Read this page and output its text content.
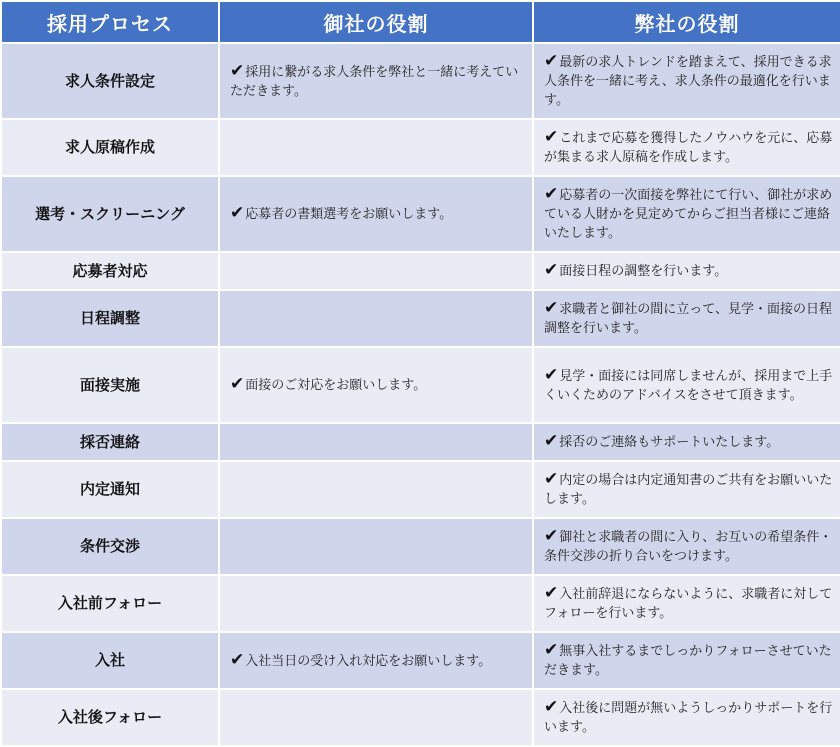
採用プロセス	御社の役割	弊社の役割
求人条件設定	✔採用に繋がる求人条件を弊社と一緒に考えていただきます。	✔最新の求人トレンドを踏まえて、採用できる求人条件を一緒に考え、求人条件の最適化を行います。
求人原稿作成		✔これまで応募を獲得したノウハウを元に、応募が集まる求人原稿を作成します。
選考・スクリーニング	✔応募者の書類選考をお願いします。	✔応募者の一次面接を弊社にて行い、御社が求めている人財かを見定めてからご担当者様にご連絡いたします。
応募者対応		✔面接日程の調整を行います。
日程調整		✔求職者と御社の間に立って、見学・面接の日程調整を行います。
面接実施	✔面接のご対応をお願いします。	✔見学・面接には同席しませんが、採用まで上手くいくためのアドバイスをさせて頂きます。
採否連絡		✔採否のご連絡もサポートいたします。
内定通知		✔内定の場合は内定通知書のご共有をお願いいたします。
条件交渉		✔御社と求職者の間に入り、お互いの希望条件・条件交渉の折り合いをつけます。
入社前フォロー		✔入社前辞退にならないように、求職者に対してフォローを行います。
入社	✔入社当日の受け入れ対応をお願いします。	✔無事入社するまでしっかりフォローさせていただきます。
入社後フォロー		✔入社後に問題が無いようしっかりサポートを行います。
